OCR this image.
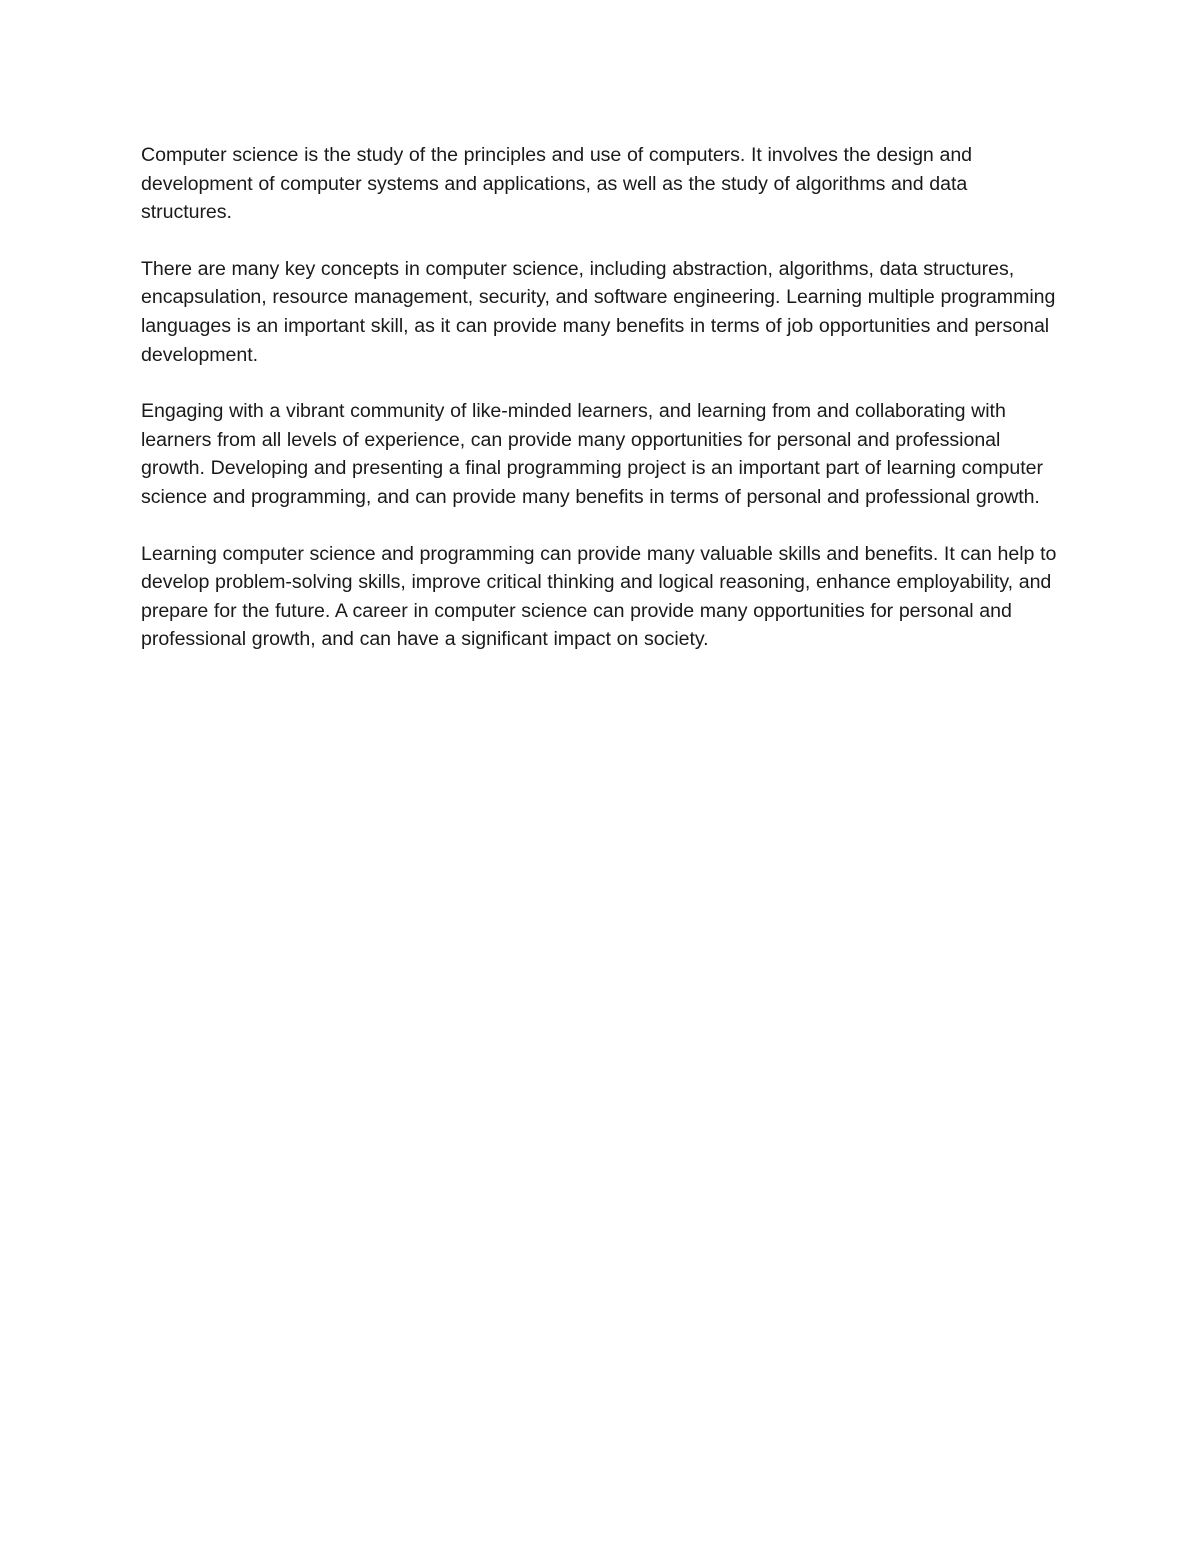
Computer science is the study of the principles and use of computers. It involves the design and development of computer systems and applications, as well as the study of algorithms and data structures.

There are many key concepts in computer science, including abstraction, algorithms, data structures, encapsulation, resource management, security, and software engineering. Learning multiple programming languages is an important skill, as it can provide many benefits in terms of job opportunities and personal development.

Engaging with a vibrant community of like-minded learners, and learning from and collaborating with learners from all levels of experience, can provide many opportunities for personal and professional growth. Developing and presenting a final programming project is an important part of learning computer science and programming, and can provide many benefits in terms of personal and professional growth.

Learning computer science and programming can provide many valuable skills and benefits. It can help to develop problem-solving skills, improve critical thinking and logical reasoning, enhance employability, and prepare for the future. A career in computer science can provide many opportunities for personal and professional growth, and can have a significant impact on society.
